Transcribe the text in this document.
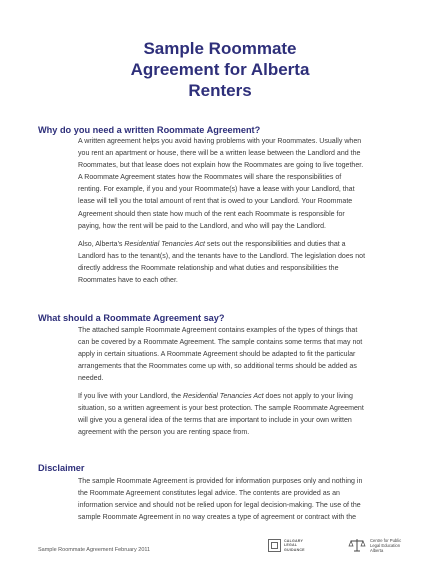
Sample Roommate
Agreement for Alberta
Renters
Why do you need a written Roommate Agreement?
A written agreement helps you avoid having problems with your Roommates. Usually when
you rent an apartment or house, there will be a written lease between the Landlord and the
Roommates, but that lease does not explain how the Roommates are going to live together.
A Roommate Agreement states how the Roommates will share the responsibilities of
renting. For example, if you and your Roommate(s) have a lease with your Landlord, that
lease will tell you the total amount of rent that is owed to your Landlord. Your Roommate
Agreement should then state how much of the rent each Roommate is responsible for
paying, how the rent will be paid to the Landlord, and who will pay the Landlord.
Also, Alberta's Residential Tenancies Act sets out the responsibilities and duties that a
Landlord has to the tenant(s), and the tenants have to the Landlord. The legislation does not
directly address the Roommate relationship and what duties and responsibilities the
Roommates have to each other.
What should a Roommate Agreement say?
The attached sample Roommate Agreement contains examples of the types of things that
can be covered by a Roommate Agreement. The sample contains some terms that may not
apply in certain situations. A Roommate Agreement should be adapted to fit the particular
arrangements that the Roommates come up with, so additional terms should be added as
needed.
If you live with your Landlord, the Residential Tenancies Act does not apply to your living
situation, so a written agreement is your best protection. The sample Roommate Agreement
will give you a general idea of the terms that are important to include in your own written
agreement with the person you are renting space from.
Disclaimer
The sample Roommate Agreement is provided for information purposes only and nothing in
the Roommate Agreement constitutes legal advice. The contents are provided as an
information service and should not be relied upon for legal decision-making. The use of the
sample Roommate Agreement in no way creates a type of agreement or contract with the
Sample Roommate Agreement February 2011
CALGARY
LEGAL
GUIDANCE
Centre for Public
Legal Education
Alberta
